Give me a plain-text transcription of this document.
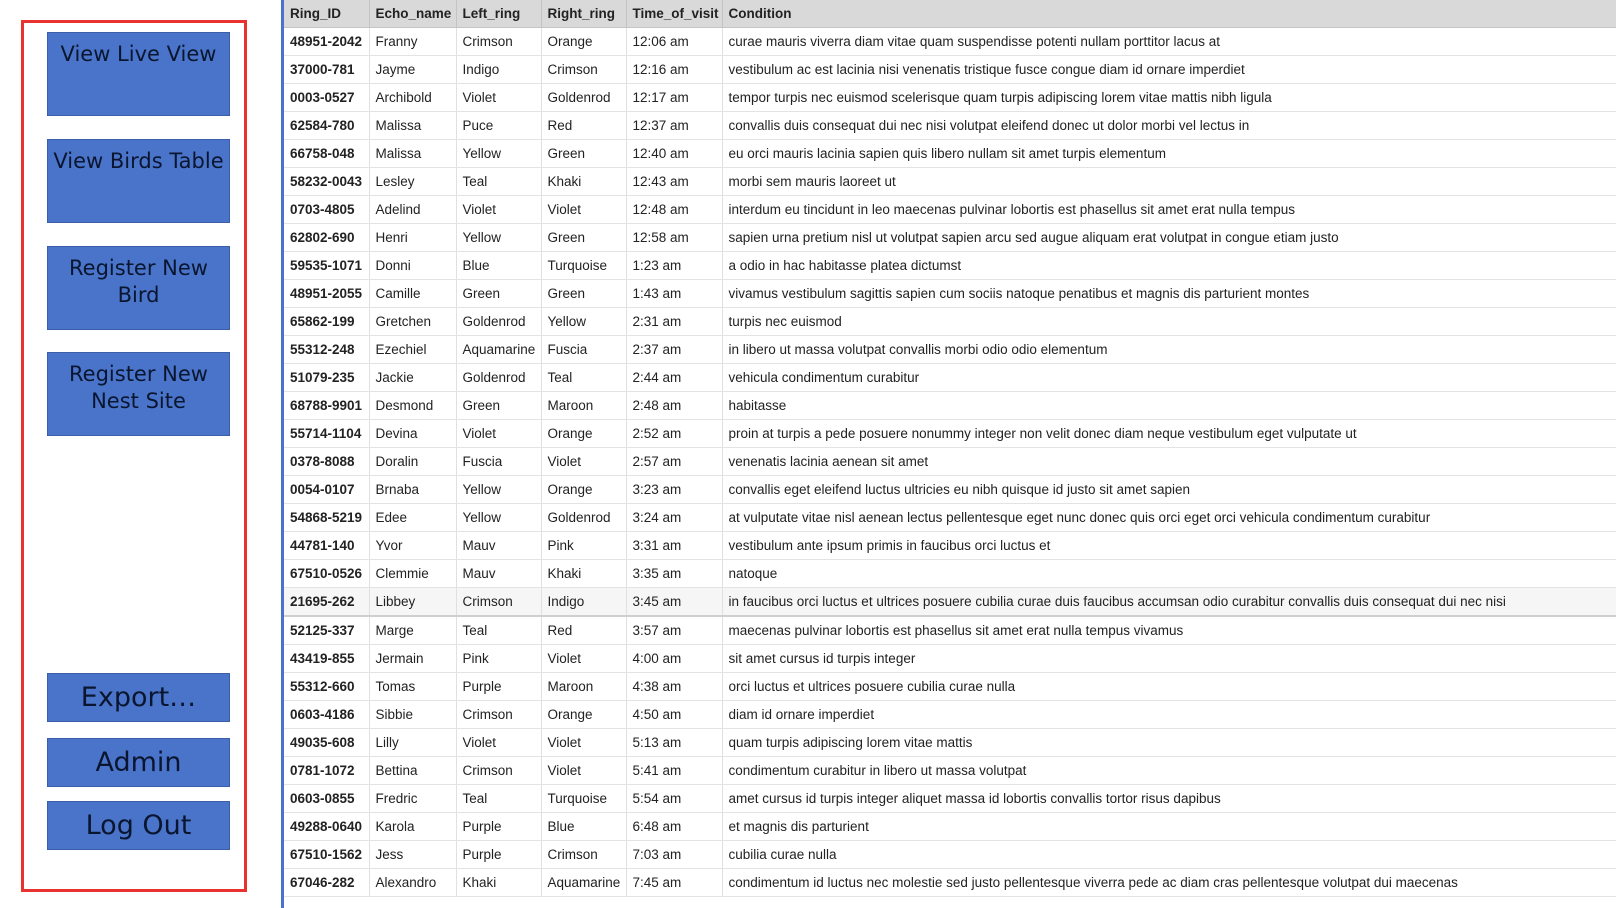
View Live View
View Birds Table
Register New Bird
Register New Nest Site
Export…
Admin
Log Out
Ring_ID	Echo_name	Left_ring	Right_ring	Time_of_visit	Condition
48951-2042	Franny	Crimson	Orange	12:06 am	curae mauris viverra diam vitae quam suspendisse potenti nullam porttitor lacus at
37000-781	Jayme	Indigo	Crimson	12:16 am	vestibulum ac est lacinia nisi venenatis tristique fusce congue diam id ornare imperdiet
0003-0527	Archibold	Violet	Goldenrod	12:17 am	tempor turpis nec euismod scelerisque quam turpis adipiscing lorem vitae mattis nibh ligula
62584-780	Malissa	Puce	Red	12:37 am	convallis duis consequat dui nec nisi volutpat eleifend donec ut dolor morbi vel lectus in
66758-048	Malissa	Yellow	Green	12:40 am	eu orci mauris lacinia sapien quis libero nullam sit amet turpis elementum
58232-0043	Lesley	Teal	Khaki	12:43 am	morbi sem mauris laoreet ut
0703-4805	Adelind	Violet	Violet	12:48 am	interdum eu tincidunt in leo maecenas pulvinar lobortis est phasellus sit amet erat nulla tempus
62802-690	Henri	Yellow	Green	12:58 am	sapien urna pretium nisl ut volutpat sapien arcu sed augue aliquam erat volutpat in congue etiam justo
59535-1071	Donni	Blue	Turquoise	1:23 am	a odio in hac habitasse platea dictumst
48951-2055	Camille	Green	Green	1:43 am	vivamus vestibulum sagittis sapien cum sociis natoque penatibus et magnis dis parturient montes
65862-199	Gretchen	Goldenrod	Yellow	2:31 am	turpis nec euismod
55312-248	Ezechiel	Aquamarine	Fuscia	2:37 am	in libero ut massa volutpat convallis morbi odio odio elementum
51079-235	Jackie	Goldenrod	Teal	2:44 am	vehicula condimentum curabitur
68788-9901	Desmond	Green	Maroon	2:48 am	habitasse
55714-1104	Devina	Violet	Orange	2:52 am	proin at turpis a pede posuere nonummy integer non velit donec diam neque vestibulum eget vulputate ut
0378-8088	Doralin	Fuscia	Violet	2:57 am	venenatis lacinia aenean sit amet
0054-0107	Brnaba	Yellow	Orange	3:23 am	convallis eget eleifend luctus ultricies eu nibh quisque id justo sit amet sapien
54868-5219	Edee	Yellow	Goldenrod	3:24 am	at vulputate vitae nisl aenean lectus pellentesque eget nunc donec quis orci eget orci vehicula condimentum curabitur
44781-140	Yvor	Mauv	Pink	3:31 am	vestibulum ante ipsum primis in faucibus orci luctus et
67510-0526	Clemmie	Mauv	Khaki	3:35 am	natoque
21695-262	Libbey	Crimson	Indigo	3:45 am	in faucibus orci luctus et ultrices posuere cubilia curae duis faucibus accumsan odio curabitur convallis duis consequat dui nec nisi
52125-337	Marge	Teal	Red	3:57 am	maecenas pulvinar lobortis est phasellus sit amet erat nulla tempus vivamus
43419-855	Jermain	Pink	Violet	4:00 am	sit amet cursus id turpis integer
55312-660	Tomas	Purple	Maroon	4:38 am	orci luctus et ultrices posuere cubilia curae nulla
0603-4186	Sibbie	Crimson	Orange	4:50 am	diam id ornare imperdiet
49035-608	Lilly	Violet	Violet	5:13 am	quam turpis adipiscing lorem vitae mattis
0781-1072	Bettina	Crimson	Violet	5:41 am	condimentum curabitur in libero ut massa volutpat
0603-0855	Fredric	Teal	Turquoise	5:54 am	amet cursus id turpis integer aliquet massa id lobortis convallis tortor risus dapibus
49288-0640	Karola	Purple	Blue	6:48 am	et magnis dis parturient
67510-1562	Jess	Purple	Crimson	7:03 am	cubilia curae nulla
67046-282	Alexandro	Khaki	Aquamarine	7:45 am	condimentum id luctus nec molestie sed justo pellentesque viverra pede ac diam cras pellentesque volutpat dui maecenas
